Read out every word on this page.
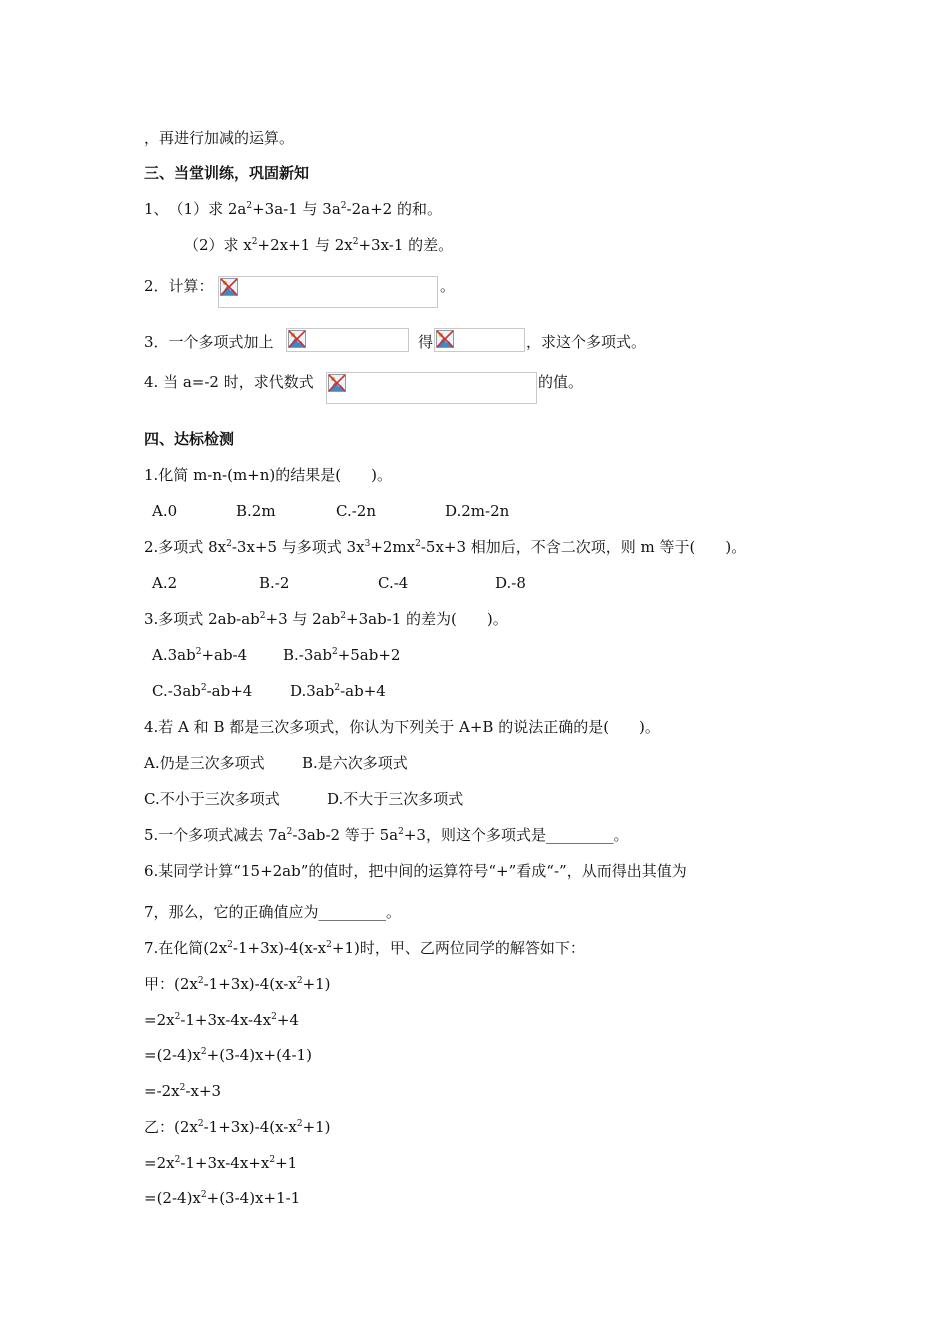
，再进行加减的运算。
三、当堂训练，巩固新知
1、　（1）求 $2a^2+3a-1$ 与 $3a^2-2a+2$ 的和。
（2）求 $x^2+2x+1$ 与 $2x^2+3x-1$ 的差。
2．计算：	。
3．一个多项式加上	得	，求这个多项式。
4. 当 a=-2 时，求代数式	的值。
四、达标检测
1.化简 m-n-(m+n)的结果是(　　)。
A.0	B.2m	C.-2n	D.2m-2n
2.多项式 $8x^2-3x+5$ 与多项式 $3x^3+2mx^2-5x+3$ 相加后，不含二次项，则 m 等于(　　)。
A.2	B.-2	C.-4	D.-8
3.多项式 $2ab-ab^2+3$ 与 $2ab^2+3ab-1$ 的差为(　　)。
$A.3ab^2+ab-4$ $B.-3ab^2+5ab+2$
$C.-3ab^2-ab+4$	$D.3ab^2-ab+4$
4.若 A 和 B 都是三次多项式，你认为下列关于 A+B 的说法正确的是(　　)。
A.仍是三次多项式 B.是六次多项式
C.不小于三次多项式	D.不大于三次多项式
5.一个多项式减去 $7a^2-3ab-2$ 等于 $5a^2+3$，则这个多项式是_________。
6.某同学计算“15+2ab”的值时，把中间的运算符号“+”看成“-”，从而得出其值为
7，那么，它的正确值应为_________。
7.在化简$(2x^2-1+3x)-4(x-x^2+1)$时，甲、乙两位同学的解答如下：
甲：$(2x^2-1+3x)-4(x-x^2+1)$
$=2x^2-1+3x-4x-4x^2+4$
$=(2-4)x^2+(3-4)x+(4-1)$
$=-2x^2-x+3$
乙：$(2x^2-1+3x)-4(x-x^2+1)$
$=2x^2-1+3x-4x+x^2+1$
$=(2-4)x^2+(3-4)x+1-1$
